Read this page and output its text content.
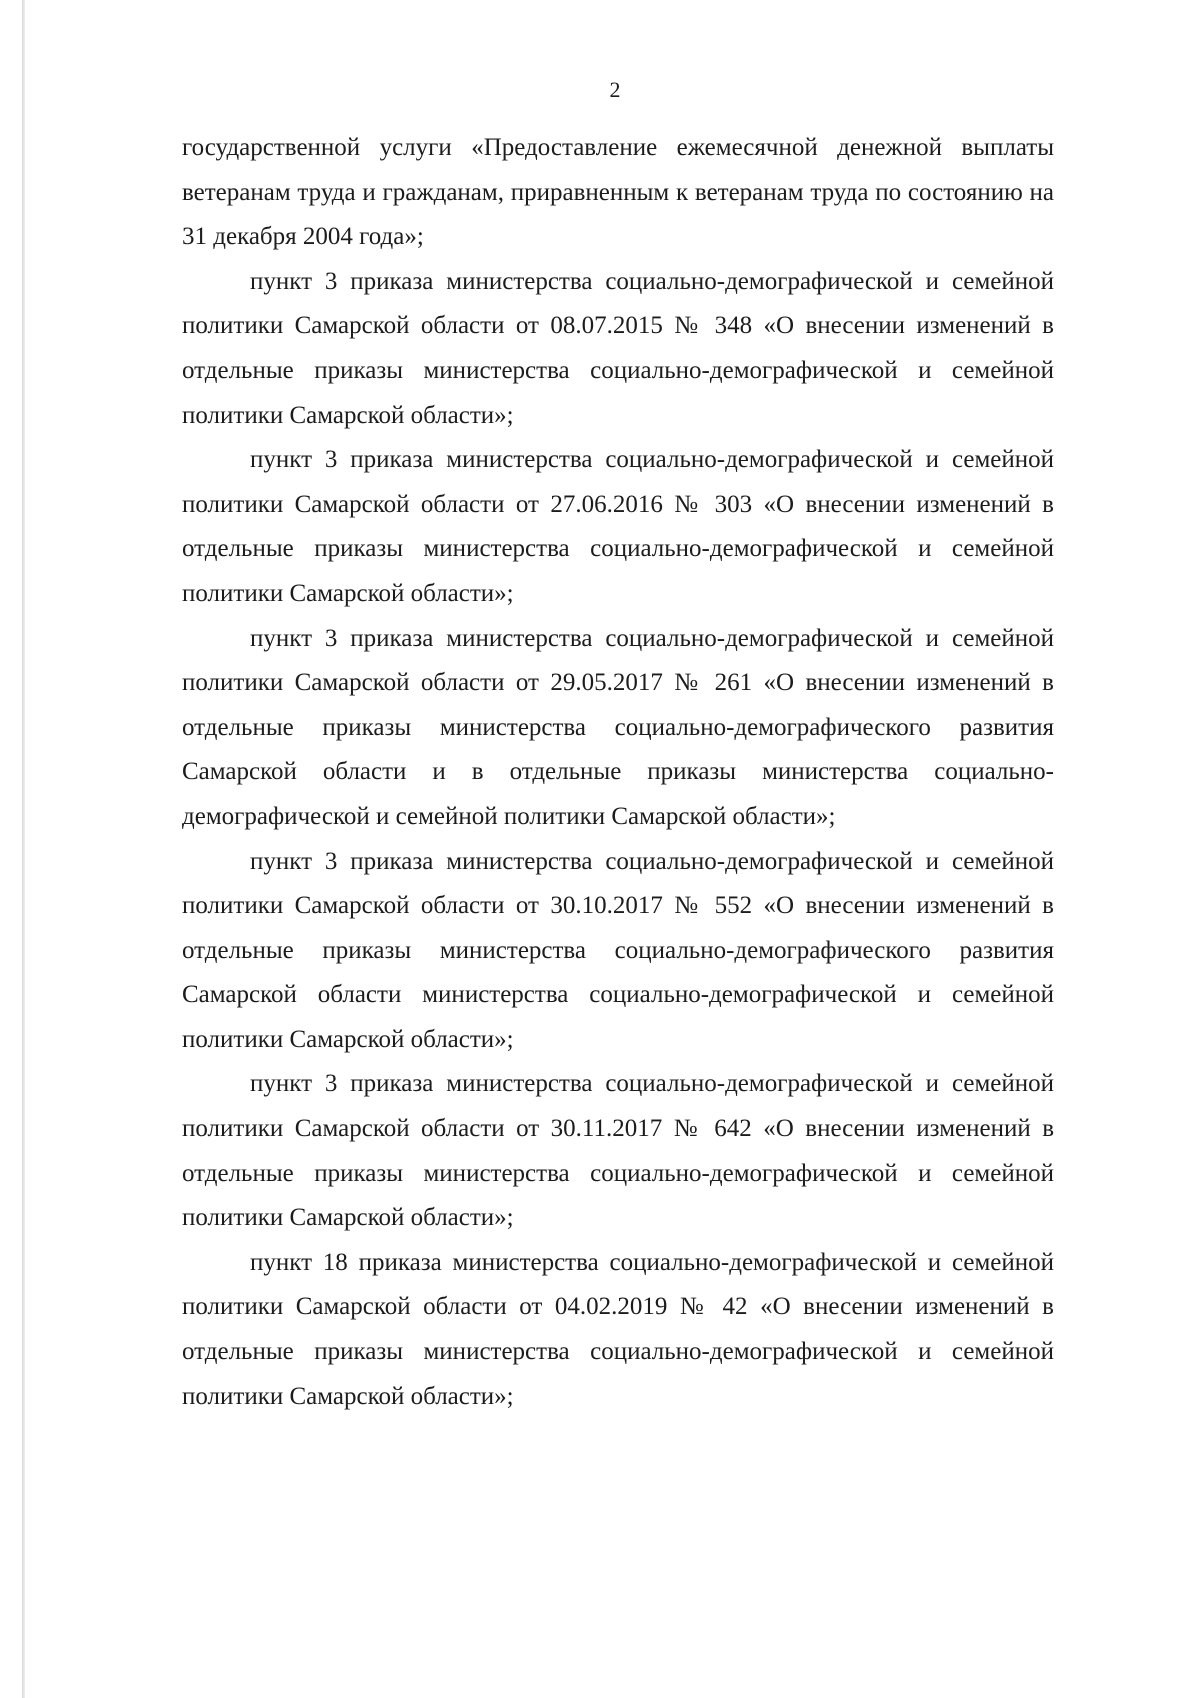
2

государственной услуги «Предоставление ежемесячной денежной выплаты ветеранам труда и гражданам, приравненным к ветеранам труда по состоянию на 31 декабря 2004 года»;

пункт 3 приказа министерства социально-демографической и семейной политики Самарской области от 08.07.2015 № 348 «О внесении изменений в отдельные приказы министерства социально-демографической и семейной политики Самарской области»;

пункт 3 приказа министерства социально-демографической и семейной политики Самарской области от 27.06.2016 № 303 «О внесении изменений в отдельные приказы министерства социально-демографической и семейной политики Самарской области»;

пункт 3 приказа министерства социально-демографической и семейной политики Самарской области от 29.05.2017 № 261 «О внесении изменений в отдельные приказы министерства социально-демографического развития Самарской области и в отдельные приказы министерства социально-демографической и семейной политики Самарской области»;

пункт 3 приказа министерства социально-демографической и семейной политики Самарской области от 30.10.2017 № 552 «О внесении изменений в отдельные приказы министерства социально-демографического развития Самарской области министерства социально-демографической и семейной политики Самарской области»;

пункт 3 приказа министерства социально-демографической и семейной политики Самарской области от 30.11.2017 № 642 «О внесении изменений в отдельные приказы министерства социально-демографической и семейной политики Самарской области»;

пункт 18 приказа министерства социально-демографической и семейной политики Самарской области от 04.02.2019 № 42 «О внесении изменений в отдельные приказы министерства социально-демографической и семейной политики Самарской области»;
